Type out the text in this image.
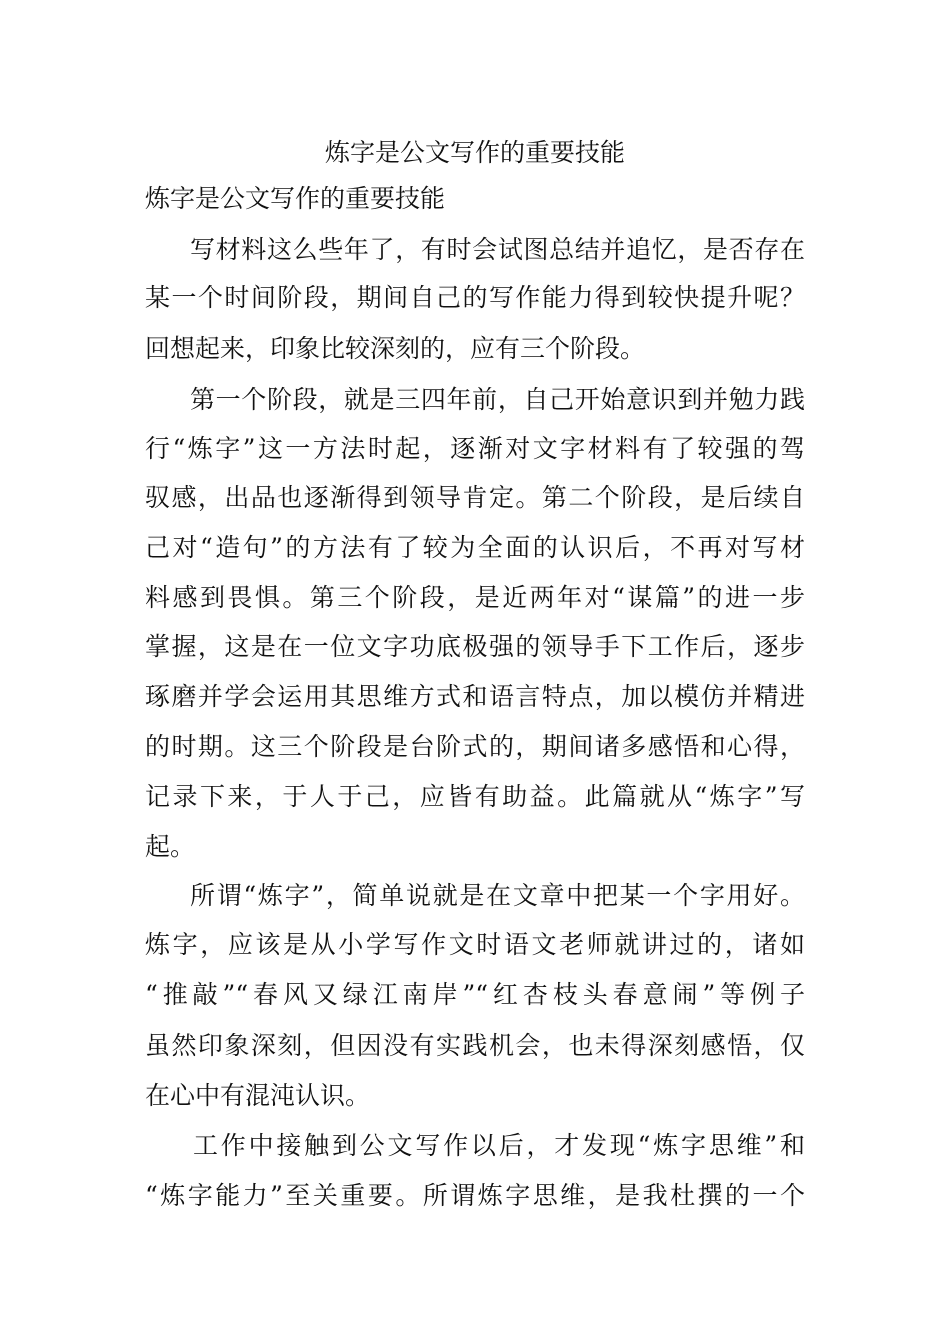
炼字是公文写作的重要技能
炼字是公文写作的重要技能
写材料这么些年了，有时会试图总结并追忆，是否存在
某一个时间阶段，期间自己的写作能力得到较快提升呢？
回想起来，印象比较深刻的，应有三个阶段。
第一个阶段，就是三四年前，自己开始意识到并勉力践
行“炼字”这一方法时起，逐渐对文字材料有了较强的驾
驭感，出品也逐渐得到领导肯定。第二个阶段，是后续自
己对“造句”的方法有了较为全面的认识后，不再对写材
料感到畏惧。第三个阶段，是近两年对“谋篇”的进一步
掌握，这是在一位文字功底极强的领导手下工作后，逐步
琢磨并学会运用其思维方式和语言特点，加以模仿并精进
的时期。这三个阶段是台阶式的，期间诸多感悟和心得，
记录下来，于人于己，应皆有助益。此篇就从“炼字”写
起。
所谓“炼字”，简单说就是在文章中把某一个字用好。
炼字，应该是从小学写作文时语文老师就讲过的，诸如
“推敲”“春风又绿江南岸”“红杏枝头春意闹”等例子
虽然印象深刻，但因没有实践机会，也未得深刻感悟，仅
在心中有混沌认识。
工作中接触到公文写作以后，才发现“炼字思维”和
“炼字能力”至关重要。所谓炼字思维，是我杜撰的一个
